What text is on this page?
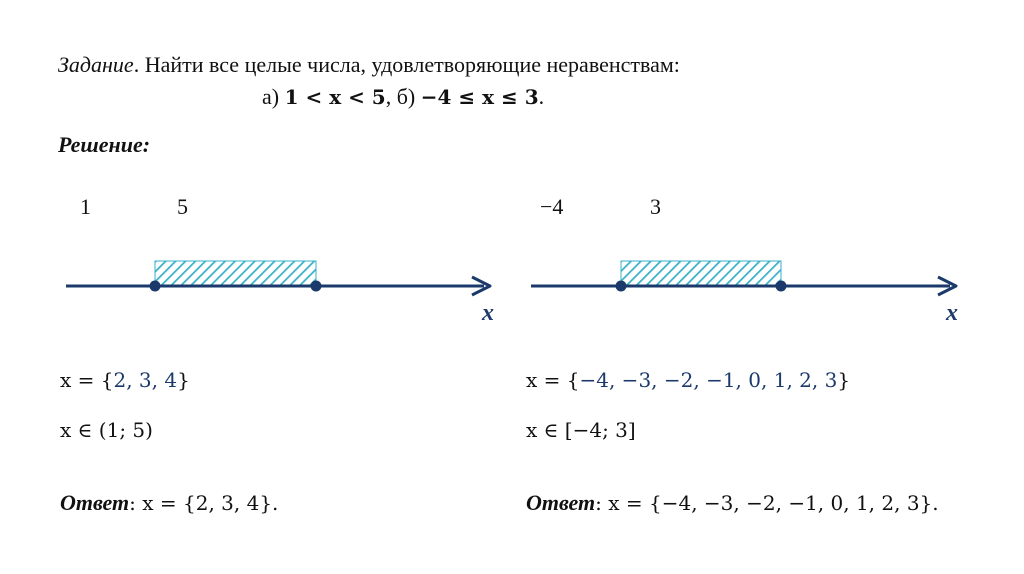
Задание. Найти все целые числа, удовлетворяющие неравенствам:
а) 1 < x < 5, б) −4 ≤ x ≤ 3.
Решение:
1	5	−4	3
x	x
x = {2, 3, 4}
x ∈ (1; 5)
Ответ: x = {2, 3, 4}.
x = {−4, −3, −2, −1, 0, 1, 2, 3}
x ∈ [−4; 3]
Ответ: x = {−4, −3, −2, −1, 0, 1, 2, 3}.
